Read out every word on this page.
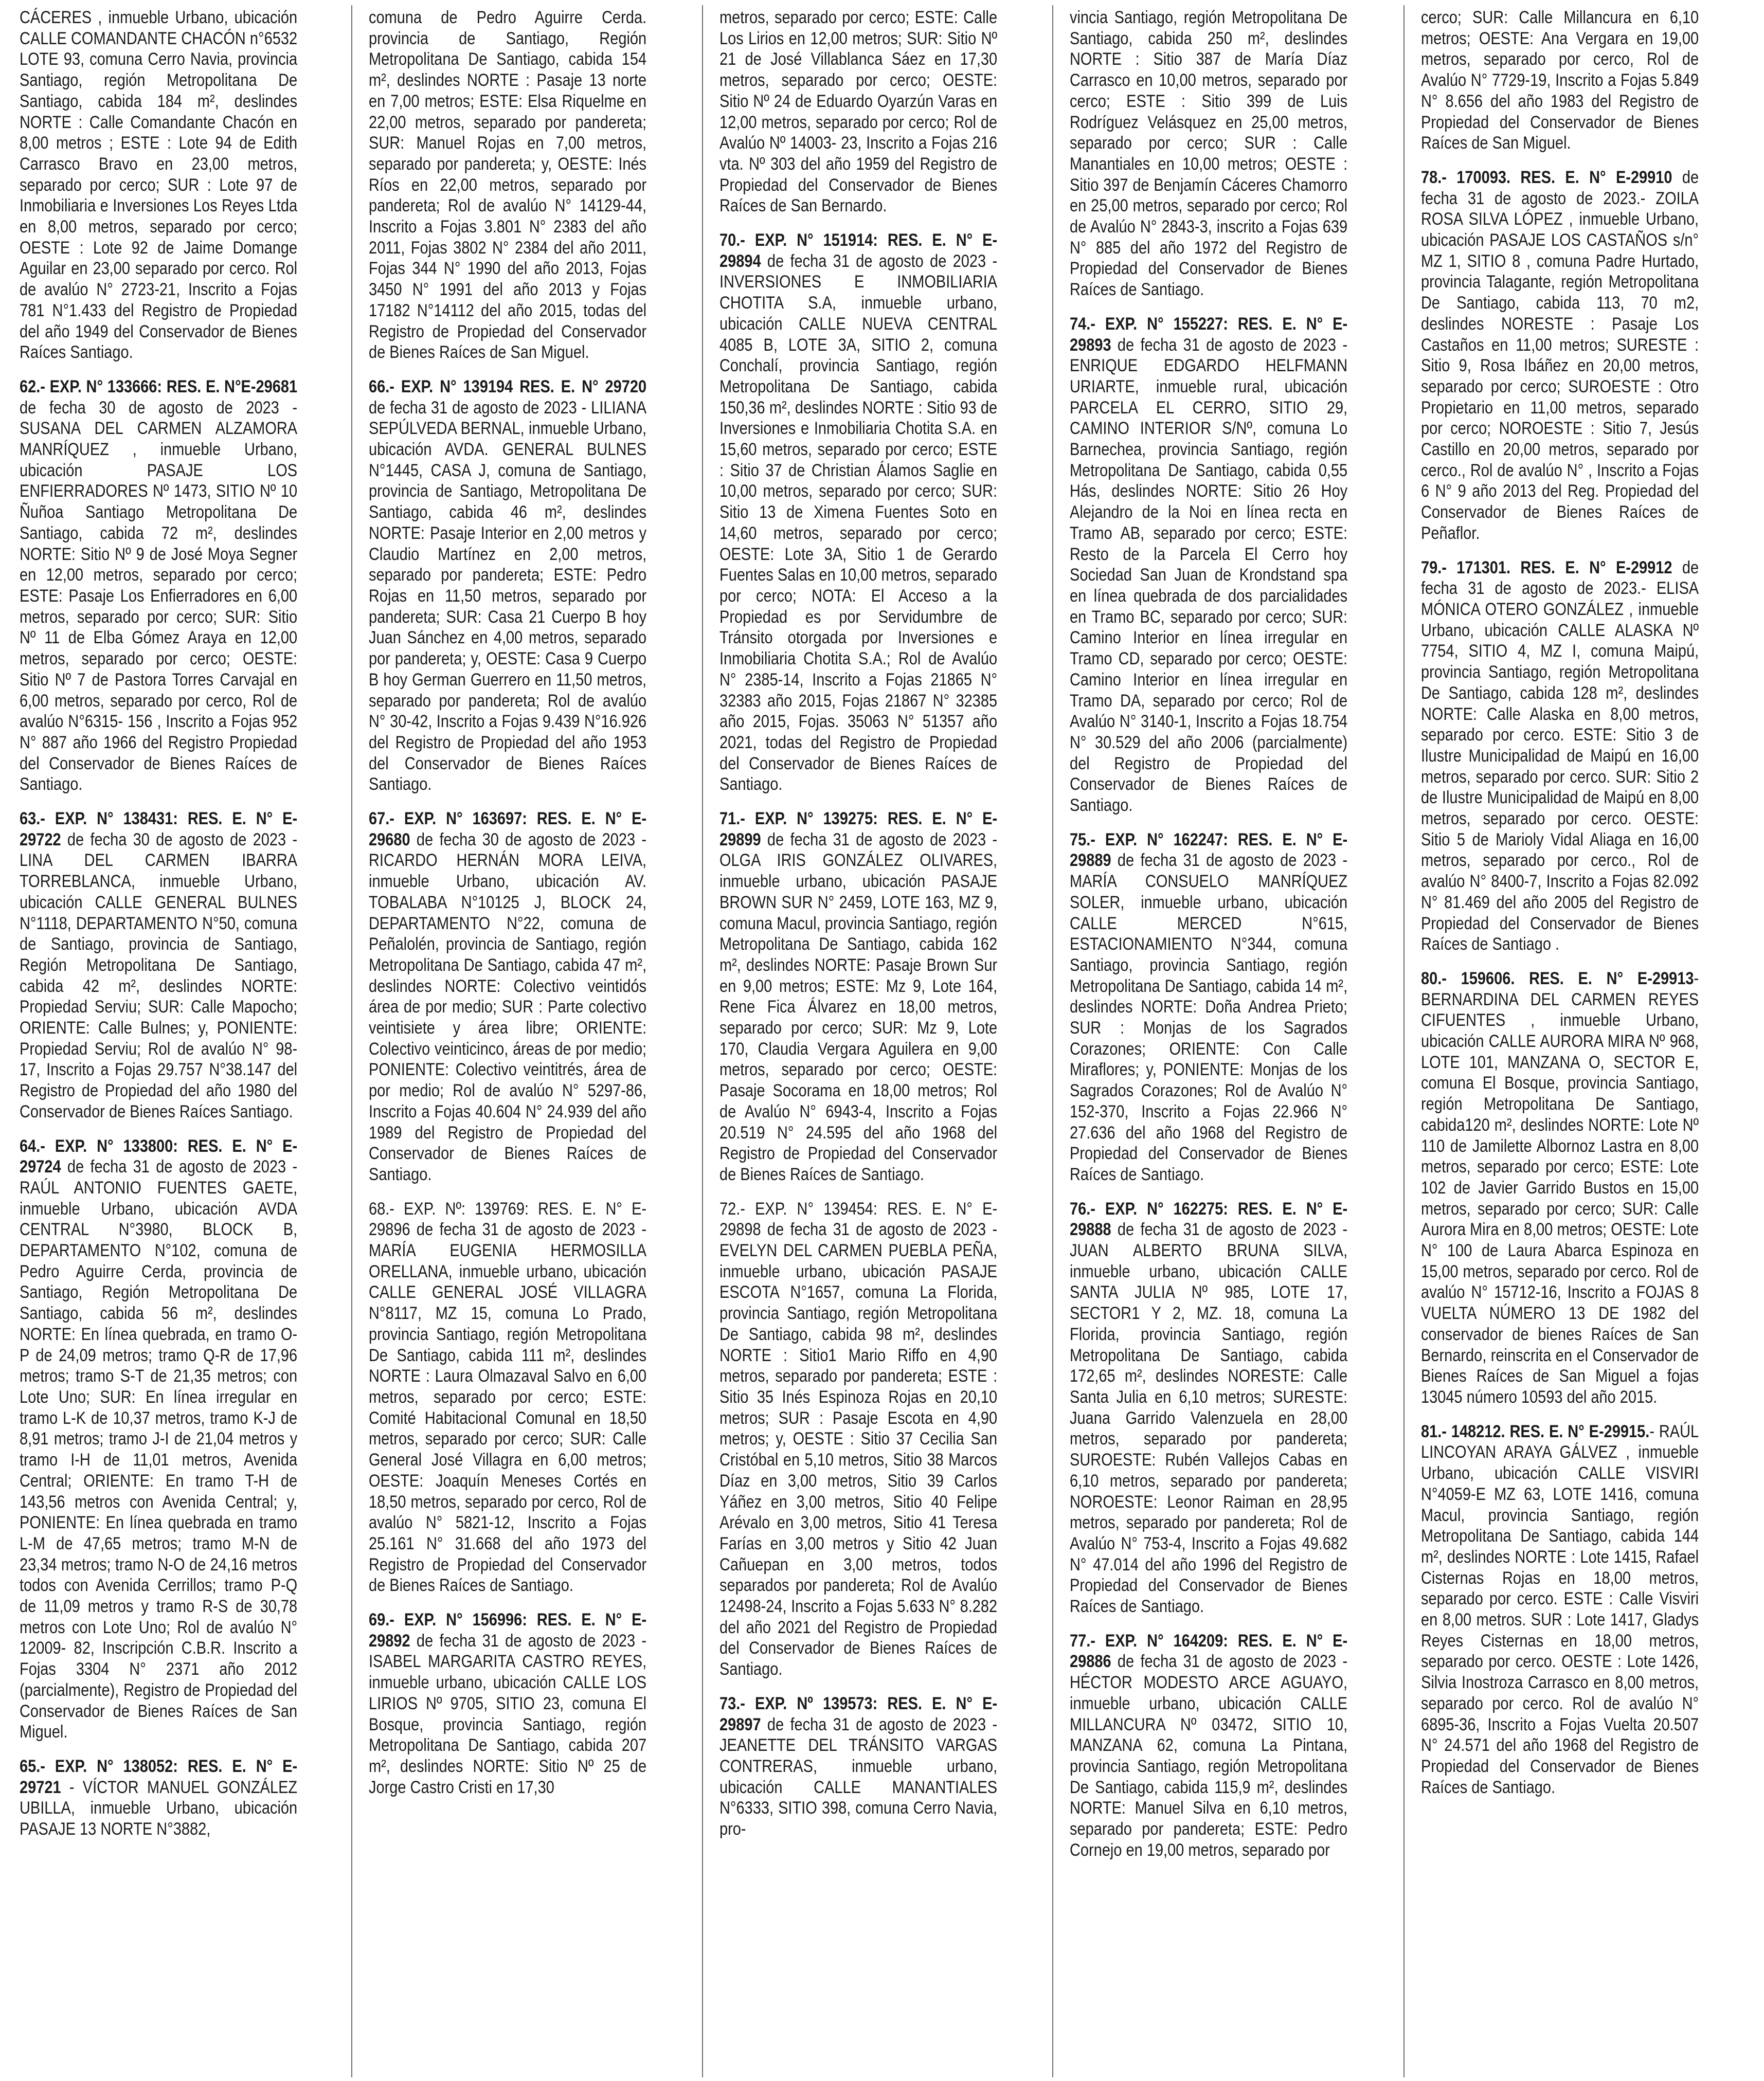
CÁCERES , inmueble Urbano, ubicación CALLE COMANDANTE CHACÓN n°6532 LOTE 93, comuna Cerro Navia, provincia Santiago, región Metropolitana De Santiago, cabida 184 m², deslindes NORTE : Calle Comandante Chacón en 8,00 metros ; ESTE : Lote 94 de Edith Carrasco Bravo en 23,00 metros, separado por cerco; SUR : Lote 97 de Inmobiliaria e Inversiones Los Reyes Ltda en 8,00 metros, separado por cerco; OESTE : Lote 92 de Jaime Domange Aguilar en 23,00 separado por cerco. Rol de avalúo N° 2723-21, Inscrito a Fojas 781 N°1.433 del Registro de Propiedad del año 1949 del Conservador de Bienes Raíces Santiago.

62.- EXP. N° 133666: RES. E. N°E-29681 de fecha 30 de agosto de 2023 - SUSANA DEL CARMEN ALZAMORA MANRÍQUEZ , inmueble Urbano, ubicación PASAJE LOS ENFIERRADORES Nº 1473, SITIO Nº 10 Ñuñoa Santiago Metropolitana De Santiago, cabida 72 m², deslindes NORTE: Sitio Nº 9 de José Moya Segner en 12,00 metros, separado por cerco; ESTE: Pasaje Los Enfierradores en 6,00 metros, separado por cerco; SUR: Sitio Nº 11 de Elba Gómez Araya en 12,00 metros, separado por cerco; OESTE: Sitio Nº 7 de Pastora Torres Carvajal en 6,00 metros, separado por cerco, Rol de avalúo N°6315- 156 , Inscrito a Fojas 952 N° 887 año 1966 del Registro Propiedad del Conservador de Bienes Raíces de Santiago.

63.- EXP. N° 138431: RES. E. N° E-29722 de fecha 30 de agosto de 2023 - LINA DEL CARMEN IBARRA TORREBLANCA, inmueble Urbano, ubicación CALLE GENERAL BULNES N°1118, DEPARTAMENTO N°50, comuna de Santiago, provincia de Santiago, Región Metropolitana De Santiago, cabida 42 m², deslindes NORTE: Propiedad Serviu; SUR: Calle Mapocho; ORIENTE: Calle Bulnes; y, PONIENTE: Propiedad Serviu; Rol de avalúo N° 98-17, Inscrito a Fojas 29.757 N°38.147 del Registro de Propiedad del año 1980 del Conservador de Bienes Raíces Santiago.

64.- EXP. N° 133800: RES. E. N° E-29724 de fecha 31 de agosto de 2023 - RAÚL ANTONIO FUENTES GAETE, inmueble Urbano, ubicación AVDA CENTRAL N°3980, BLOCK B, DEPARTAMENTO N°102, comuna de Pedro Aguirre Cerda, provincia de Santiago, Región Metropolitana De Santiago, cabida 56 m², deslindes NORTE: En línea quebrada, en tramo O-P de 24,09 metros; tramo Q-R de 17,96 metros; tramo S-T de 21,35 metros; con Lote Uno; SUR: En línea irregular en tramo L-K de 10,37 metros, tramo K-J de 8,91 metros; tramo J-I de 21,04 metros y tramo I-H de 11,01 metros, Avenida Central; ORIENTE: En tramo T-H de 143,56 metros con Avenida Central; y, PONIENTE: En línea quebrada en tramo L-M de 47,65 metros; tramo M-N de 23,34 metros; tramo N-O de 24,16 metros todos con Avenida Cerrillos; tramo P-Q de 11,09 metros y tramo R-S de 30,78 metros con Lote Uno; Rol de avalúo N° 12009- 82, Inscripción C.B.R. Inscrito a Fojas 3304 N° 2371 año 2012 (parcialmente), Registro de Propiedad del Conservador de Bienes Raíces de San Miguel.

65.- EXP. N° 138052: RES. E. N° E-29721 - VÍCTOR MANUEL GONZÁLEZ UBILLA, inmueble Urbano, ubicación PASAJE 13 NORTE N°3882,

comuna de Pedro Aguirre Cerda. provincia de Santiago, Región Metropolitana De Santiago, cabida 154 m², deslindes NORTE : Pasaje 13 norte en 7,00 metros; ESTE: Elsa Riquelme en 22,00 metros, separado por pandereta; SUR: Manuel Rojas en 7,00 metros, separado por pandereta; y, OESTE: Inés Ríos en 22,00 metros, separado por pandereta; Rol de avalúo N° 14129-44, Inscrito a Fojas 3.801 N° 2383 del año 2011, Fojas 3802 N° 2384 del año 2011, Fojas 344 N° 1990 del año 2013, Fojas 3450 N° 1991 del año 2013 y Fojas 17182 N°14112 del año 2015, todas del Registro de Propiedad del Conservador de Bienes Raíces de San Miguel.

66.- EXP. N° 139194 RES. E. N° 29720 de fecha 31 de agosto de 2023 - LILIANA SEPÚLVEDA BERNAL, inmueble Urbano, ubicación AVDA. GENERAL BULNES N°1445, CASA J, comuna de Santiago, provincia de Santiago, Metropolitana De Santiago, cabida 46 m², deslindes NORTE: Pasaje Interior en 2,00 metros y Claudio Martínez en 2,00 metros, separado por pandereta; ESTE: Pedro Rojas en 11,50 metros, separado por pandereta; SUR: Casa 21 Cuerpo B hoy Juan Sánchez en 4,00 metros, separado por pandereta; y, OESTE: Casa 9 Cuerpo B hoy German Guerrero en 11,50 metros, separado por pandereta; Rol de avalúo N° 30-42, Inscrito a Fojas 9.439 N°16.926 del Registro de Propiedad del año 1953 del Conservador de Bienes Raíces Santiago.

67.- EXP. N° 163697: RES. E. N° E-29680 de fecha 30 de agosto de 2023 - RICARDO HERNÁN MORA LEIVA, inmueble Urbano, ubicación AV. TOBALABA N°10125 J, BLOCK 24, DEPARTAMENTO N°22, comuna de Peñalolén, provincia de Santiago, región Metropolitana De Santiago, cabida 47 m², deslindes NORTE: Colectivo veintidós área de por medio; SUR : Parte colectivo veintisiete y área libre; ORIENTE: Colectivo veinticinco, áreas de por medio; PONIENTE: Colectivo veintitrés, área de por medio; Rol de avalúo N° 5297-86, Inscrito a Fojas 40.604 N° 24.939 del año 1989 del Registro de Propiedad del Conservador de Bienes Raíces de Santiago.

68.- EXP. Nº: 139769: RES. E. N° E-29896 de fecha 31 de agosto de 2023 - MARÍA EUGENIA HERMOSILLA ORELLANA, inmueble urbano, ubicación CALLE GENERAL JOSÉ VILLAGRA N°8117, MZ 15, comuna Lo Prado, provincia Santiago, región Metropolitana De Santiago, cabida 111 m², deslindes NORTE : Laura Olmazaval Salvo en 6,00 metros, separado por cerco; ESTE: Comité Habitacional Comunal en 18,50 metros, separado por cerco; SUR: Calle General José Villagra en 6,00 metros; OESTE: Joaquín Meneses Cortés en 18,50 metros, separado por cerco, Rol de avalúo N° 5821-12, Inscrito a Fojas 25.161 N° 31.668 del año 1973 del Registro de Propiedad del Conservador de Bienes Raíces de Santiago.

69.- EXP. N° 156996: RES. E. N° E- 29892 de fecha 31 de agosto de 2023 - ISABEL MARGARITA CASTRO REYES, inmueble urbano, ubicación CALLE LOS LIRIOS Nº 9705, SITIO 23, comuna El Bosque, provincia Santiago, región Metropolitana De Santiago, cabida 207 m², deslindes NORTE: Sitio Nº 25 de Jorge Castro Cristi en 17,30

metros, separado por cerco; ESTE: Calle Los Lirios en 12,00 metros; SUR: Sitio Nº 21 de José Villablanca Sáez en 17,30 metros, separado por cerco; OESTE: Sitio Nº 24 de Eduardo Oyarzún Varas en 12,00 metros, separado por cerco; Rol de Avalúo Nº 14003- 23, Inscrito a Fojas 216 vta. Nº 303 del año 1959 del Registro de Propiedad del Conservador de Bienes Raíces de San Bernardo.

70.- EXP. N° 151914: RES. E. N° E-29894 de fecha 31 de agosto de 2023 - INVERSIONES E INMOBILIARIA CHOTITA S.A, inmueble urbano, ubicación CALLE NUEVA CENTRAL 4085 B, LOTE 3A, SITIO 2, comuna Conchalí, provincia Santiago, región Metropolitana De Santiago, cabida 150,36 m², deslindes NORTE : Sitio 93 de Inversiones e Inmobiliaria Chotita S.A. en 15,60 metros, separado por cerco; ESTE : Sitio 37 de Christian Álamos Saglie en 10,00 metros, separado por cerco; SUR: Sitio 13 de Ximena Fuentes Soto en 14,60 metros, separado por cerco; OESTE: Lote 3A, Sitio 1 de Gerardo Fuentes Salas en 10,00 metros, separado por cerco; NOTA: El Acceso a la Propiedad es por Servidumbre de Tránsito otorgada por Inversiones e Inmobiliaria Chotita S.A.; Rol de Avalúo N° 2385-14, Inscrito a Fojas 21865 N° 32383 año 2015, Fojas 21867 N° 32385 año 2015, Fojas. 35063 N° 51357 año 2021, todas del Registro de Propiedad del Conservador de Bienes Raíces de Santiago.

71.- EXP. N° 139275: RES. E. N° E-29899 de fecha 31 de agosto de 2023 - OLGA IRIS GONZÁLEZ OLIVARES, inmueble urbano, ubicación PASAJE BROWN SUR N° 2459, LOTE 163, MZ 9, comuna Macul, provincia Santiago, región Metropolitana De Santiago, cabida 162 m², deslindes NORTE: Pasaje Brown Sur en 9,00 metros; ESTE: Mz 9, Lote 164, Rene Fica Álvarez en 18,00 metros, separado por cerco; SUR: Mz 9, Lote 170, Claudia Vergara Aguilera en 9,00 metros, separado por cerco; OESTE: Pasaje Socorama en 18,00 metros; Rol de Avalúo N° 6943-4, Inscrito a Fojas 20.519 N° 24.595 del año 1968 del Registro de Propiedad del Conservador de Bienes Raíces de Santiago.

72.- EXP. N° 139454: RES. E. N° E-29898 de fecha 31 de agosto de 2023 - EVELYN DEL CARMEN PUEBLA PEÑA, inmueble urbano, ubicación PASAJE ESCOTA N°1657, comuna La Florida, provincia Santiago, región Metropolitana De Santiago, cabida 98 m², deslindes NORTE : Sitio1 Mario Riffo en 4,90 metros, separado por pandereta; ESTE : Sitio 35 Inés Espinoza Rojas en 20,10 metros; SUR : Pasaje Escota en 4,90 metros; y, OESTE : Sitio 37 Cecilia San Cristóbal en 5,10 metros, Sitio 38 Marcos Díaz en 3,00 metros, Sitio 39 Carlos Yáñez en 3,00 metros, Sitio 40 Felipe Arévalo en 3,00 metros, Sitio 41 Teresa Farías en 3,00 metros y Sitio 42 Juan Cañuepan en 3,00 metros, todos separados por pandereta; Rol de Avalúo 12498-24, Inscrito a Fojas 5.633 N° 8.282 del año 2021 del Registro de Propiedad del Conservador de Bienes Raíces de Santiago.

73.- EXP. Nº 139573: RES. E. N° E-29897 de fecha 31 de agosto de 2023 - JEANETTE DEL TRÁNSITO VARGAS CONTRERAS, inmueble urbano, ubicación CALLE MANANTIALES N°6333, SITIO 398, comuna Cerro Navia, pro-

vincia Santiago, región Metropolitana De Santiago, cabida 250 m², deslindes NORTE : Sitio 387 de María Díaz Carrasco en 10,00 metros, separado por cerco; ESTE : Sitio 399 de Luis Rodríguez Velásquez en 25,00 metros, separado por cerco; SUR : Calle Manantiales en 10,00 metros; OESTE : Sitio 397 de Benjamín Cáceres Chamorro en 25,00 metros, separado por cerco; Rol de Avalúo N° 2843-3, inscrito a Fojas 639 N° 885 del año 1972 del Registro de Propiedad del Conservador de Bienes Raíces de Santiago.

74.- EXP. N° 155227: RES. E. N° E-29893 de fecha 31 de agosto de 2023 - ENRIQUE EDGARDO HELFMANN URIARTE, inmueble rural, ubicación PARCELA EL CERRO, SITIO 29, CAMINO INTERIOR S/Nº, comuna Lo Barnechea, provincia Santiago, región Metropolitana De Santiago, cabida 0,55 Hás, deslindes NORTE: Sitio 26 Hoy Alejandro de la Noi en línea recta en Tramo AB, separado por cerco; ESTE: Resto de la Parcela El Cerro hoy Sociedad San Juan de Krondstand spa en línea quebrada de dos parcialidades en Tramo BC, separado por cerco; SUR: Camino Interior en línea irregular en Tramo CD, separado por cerco; OESTE: Camino Interior en línea irregular en Tramo DA, separado por cerco; Rol de Avalúo N° 3140-1, Inscrito a Fojas 18.754 N° 30.529 del año 2006 (parcialmente) del Registro de Propiedad del Conservador de Bienes Raíces de Santiago.

75.- EXP. N° 162247: RES. E. N° E-29889 de fecha 31 de agosto de 2023 - MARÍA CONSUELO MANRÍQUEZ SOLER, inmueble urbano, ubicación CALLE MERCED N°615, ESTACIONAMIENTO N°344, comuna Santiago, provincia Santiago, región Metropolitana De Santiago, cabida 14 m², deslindes NORTE: Doña Andrea Prieto; SUR : Monjas de los Sagrados Corazones; ORIENTE: Con Calle Miraflores; y, PONIENTE: Monjas de los Sagrados Corazones; Rol de Avalúo N° 152-370, Inscrito a Fojas 22.966 N° 27.636 del año 1968 del Registro de Propiedad del Conservador de Bienes Raíces de Santiago.

76.- EXP. N° 162275: RES. E. N° E-29888 de fecha 31 de agosto de 2023 - JUAN ALBERTO BRUNA SILVA, inmueble urbano, ubicación CALLE SANTA JULIA Nº 985, LOTE 17, SECTOR1 Y 2, MZ. 18, comuna La Florida, provincia Santiago, región Metropolitana De Santiago, cabida 172,65 m², deslindes NORESTE: Calle Santa Julia en 6,10 metros; SURESTE: Juana Garrido Valenzuela en 28,00 metros, separado por pandereta; SUROESTE: Rubén Vallejos Cabas en 6,10 metros, separado por pandereta; NOROESTE: Leonor Raiman en 28,95 metros, separado por pandereta; Rol de Avalúo N° 753-4, Inscrito a Fojas 49.682 N° 47.014 del año 1996 del Registro de Propiedad del Conservador de Bienes Raíces de Santiago.

77.- EXP. N° 164209: RES. E. N° E-29886 de fecha 31 de agosto de 2023 - HÉCTOR MODESTO ARCE AGUAYO, inmueble urbano, ubicación CALLE MILLANCURA Nº 03472, SITIO 10, MANZANA 62, comuna La Pintana, provincia Santiago, región Metropolitana De Santiago, cabida 115,9 m², deslindes NORTE: Manuel Silva en 6,10 metros, separado por pandereta; ESTE: Pedro Cornejo en 19,00 metros, separado por

cerco; SUR: Calle Millancura en 6,10 metros; OESTE: Ana Vergara en 19,00 metros, separado por cerco, Rol de Avalúo N° 7729-19, Inscrito a Fojas 5.849 N° 8.656 del año 1983 del Registro de Propiedad del Conservador de Bienes Raíces de San Miguel.

78.- 170093. RES. E. N° E-29910 de fecha 31 de agosto de 2023.- ZOILA ROSA SILVA LÓPEZ , inmueble Urbano, ubicación PASAJE LOS CASTAÑOS s/n° MZ 1, SITIO 8 , comuna Padre Hurtado, provincia Talagante, región Metropolitana De Santiago, cabida 113, 70 m2, deslindes NORESTE : Pasaje Los Castaños en 11,00 metros; SURESTE : Sitio 9, Rosa Ibáñez en 20,00 metros, separado por cerco; SUROESTE : Otro Propietario en 11,00 metros, separado por cerco; NOROESTE : Sitio 7, Jesús Castillo en 20,00 metros, separado por cerco., Rol de avalúo N° , Inscrito a Fojas 6 N° 9 año 2013 del Reg. Propiedad del Conservador de Bienes Raíces de Peñaflor.

79.- 171301. RES. E. N° E-29912 de fecha 31 de agosto de 2023.- ELISA MÓNICA OTERO GONZÁLEZ , inmueble Urbano, ubicación CALLE ALASKA Nº 7754, SITIO 4, MZ I, comuna Maipú, provincia Santiago, región Metropolitana De Santiago, cabida 128 m², deslindes NORTE: Calle Alaska en 8,00 metros, separado por cerco. ESTE: Sitio 3 de Ilustre Municipalidad de Maipú en 16,00 metros, separado por cerco. SUR: Sitio 2 de Ilustre Municipalidad de Maipú en 8,00 metros, separado por cerco. OESTE: Sitio 5 de Marioly Vidal Aliaga en 16,00 metros, separado por cerco., Rol de avalúo N° 8400-7, Inscrito a Fojas 82.092 N° 81.469 del año 2005 del Registro de Propiedad del Conservador de Bienes Raíces de Santiago .

80.- 159606. RES. E. N° E-29913- BERNARDINA DEL CARMEN REYES CIFUENTES , inmueble Urbano, ubicación CALLE AURORA MIRA Nº 968, LOTE 101, MANZANA O, SECTOR E, comuna El Bosque, provincia Santiago, región Metropolitana De Santiago, cabida120 m², deslindes NORTE: Lote Nº 110 de Jamilette Albornoz Lastra en 8,00 metros, separado por cerco; ESTE: Lote 102 de Javier Garrido Bustos en 15,00 metros, separado por cerco; SUR: Calle Aurora Mira en 8,00 metros; OESTE: Lote N° 100 de Laura Abarca Espinoza en 15,00 metros, separado por cerco. Rol de avalúo N° 15712-16, Inscrito a FOJAS 8 VUELTA NÚMERO 13 DE 1982 del conservador de bienes Raíces de San Bernardo, reinscrita en el Conservador de Bienes Raíces de San Miguel a fojas 13045 número 10593 del año 2015.

81.- 148212. RES. E. N° E-29915.- RAÚL LINCOYAN ARAYA GÁLVEZ , inmueble Urbano, ubicación CALLE VISVIRI N°4059-E MZ 63, LOTE 1416, comuna Macul, provincia Santiago, región Metropolitana De Santiago, cabida 144 m², deslindes NORTE : Lote 1415, Rafael Cisternas Rojas en 18,00 metros, separado por cerco. ESTE : Calle Visviri en 8,00 metros. SUR : Lote 1417, Gladys Reyes Cisternas en 18,00 metros, separado por cerco. OESTE : Lote 1426, Silvia Inostroza Carrasco en 8,00 metros, separado por cerco. Rol de avalúo N° 6895-36, Inscrito a Fojas Vuelta 20.507 N° 24.571 del año 1968 del Registro de Propiedad del Conservador de Bienes Raíces de Santiago.
